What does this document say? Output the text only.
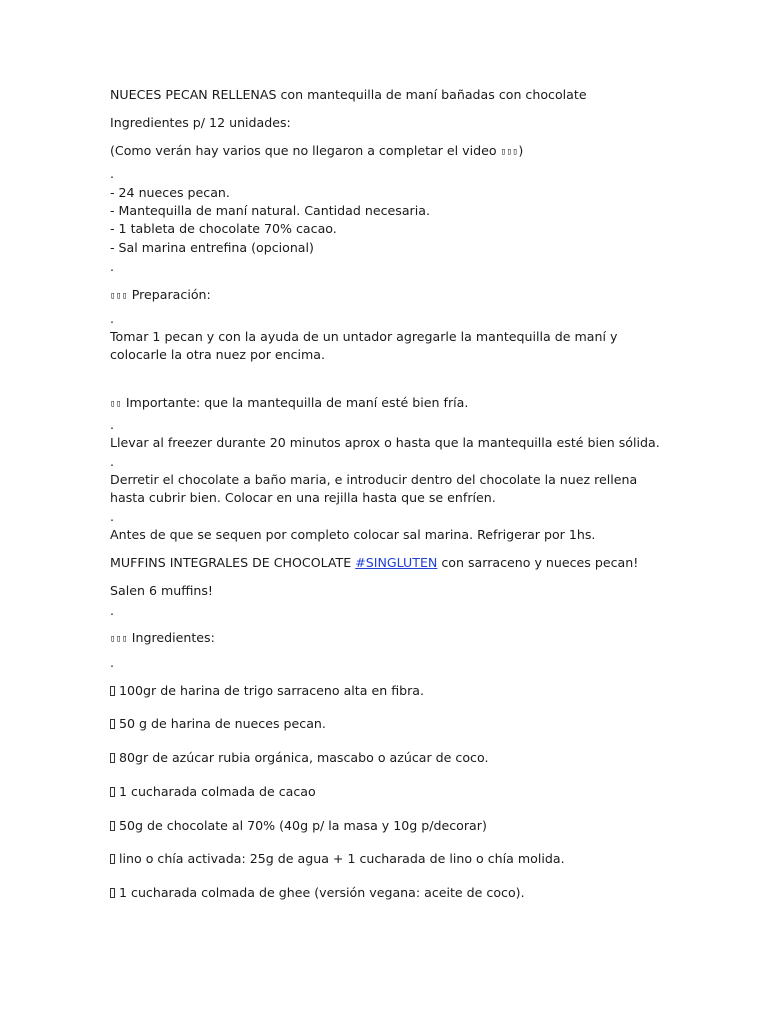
NUECES PECAN RELLENAS con mantequilla de maní bañadas con chocolate
Ingredientes p/ 12 unidades:
(Como verán hay varios que no llegaron a completar el video ▯▯▯)
.
- 24 nueces pecan.
- Mantequilla de maní natural. Cantidad necesaria.
- 1 tableta de chocolate 70% cacao.
- Sal marina entrefina (opcional)
.
▯▯▯ Preparación:
.
Tomar 1 pecan y con la ayuda de un untador agregarle la mantequilla de maní y colocarle la otra nuez por encima.
▯▯ Importante: que la mantequilla de maní esté bien fría.
.
Llevar al freezer durante 20 minutos aprox o hasta que la mantequilla esté bien sólida.
.
Derretir el chocolate a baño maria, e introducir dentro del chocolate la nuez rellena hasta cubrir bien. Colocar en una rejilla hasta que se enfríen.
.
Antes de que se sequen por completo colocar sal marina. Refrigerar por 1hs.
MUFFINS INTEGRALES DE CHOCOLATE #SINGLUTEN con sarraceno y nueces pecan!
Salen 6 muffins!
.
▯▯▯ Ingredientes:
.
100gr de harina de trigo sarraceno alta en fibra.
50 g de harina de nueces pecan.
80gr de azúcar rubia orgánica, mascabo o azúcar de coco.
1 cucharada colmada de cacao
50g de chocolate al 70% (40g p/ la masa y 10g p/decorar)
lino o chía activada: 25g de agua + 1 cucharada de lino o chía molida.
1 cucharada colmada de ghee (versión vegana: aceite de coco).
